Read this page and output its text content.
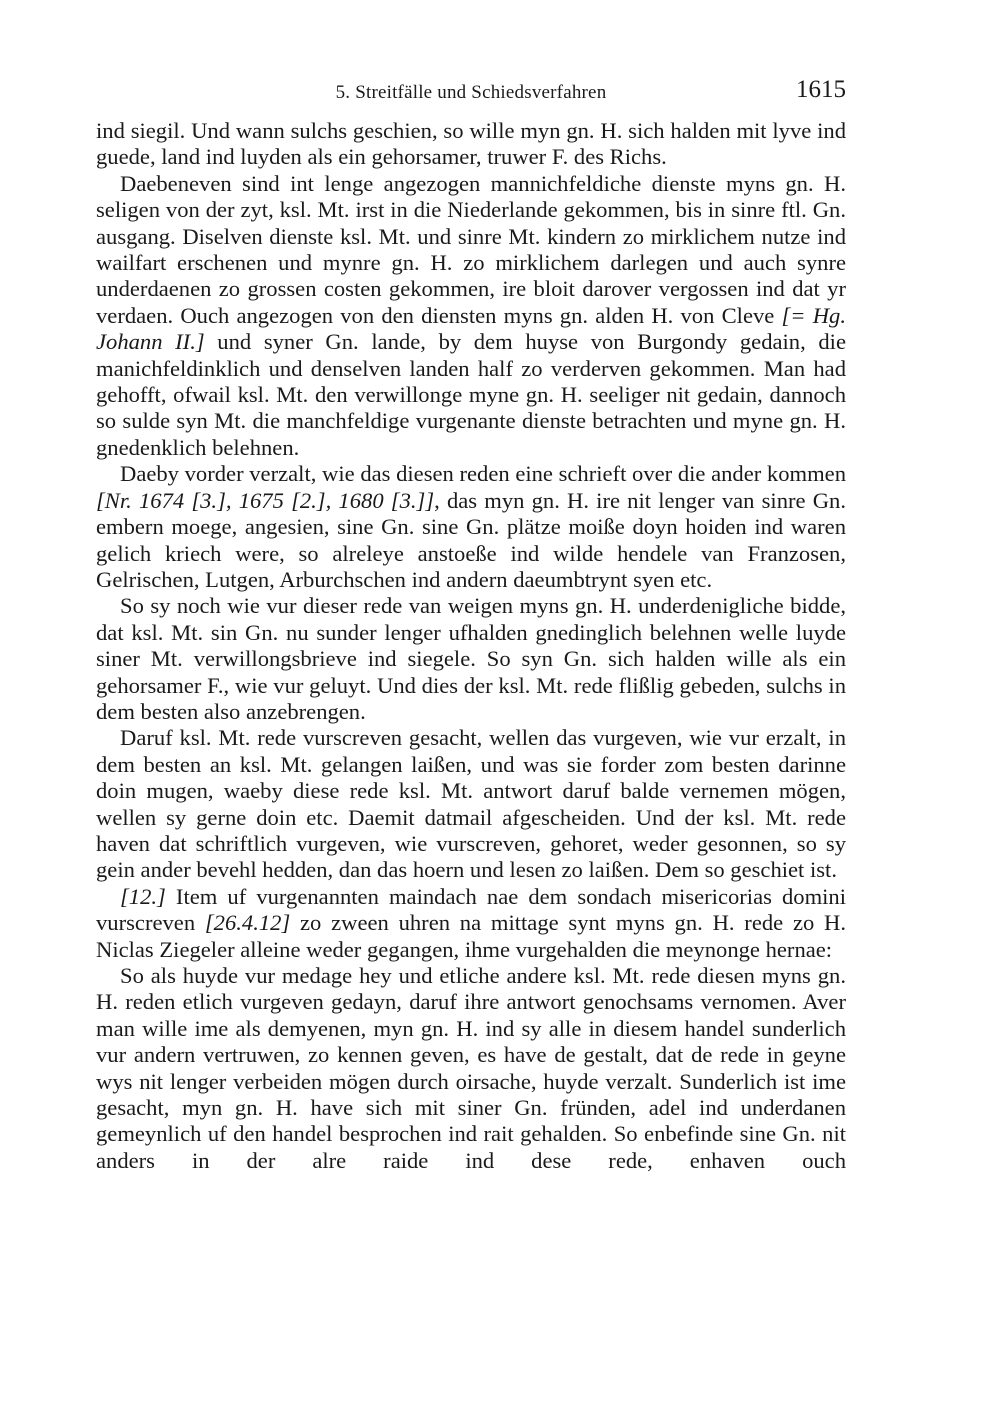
5. Streitfälle und Schiedsverfahren	1615

ind siegil. Und wann sulchs geschien, so wille myn gn. H. sich halden mit lyve ind guede, land ind luyden als ein gehorsamer, truwer F. des Richs.

Daebeneven sind int lenge angezogen mannichfeldiche dienste myns gn. H. seligen von der zyt, ksl. Mt. irst in die Niederlande gekommen, bis in sinre ftl. Gn. ausgang. Diselven dienste ksl. Mt. und sinre Mt. kindern zo mirklichem nutze ind wailfart erschenen und mynre gn. H. zo mirklichem darlegen und auch synre underdaenen zo grossen costen gekommen, ire bloit darover vergossen ind dat yr verdaen. Ouch angezogen von den diensten myns gn. alden H. von Cleve [= Hg. Johann II.] und syner Gn. lande, by dem huyse von Burgondy gedain, die manichfeldinklich und denselven landen half zo verderven gekommen. Man had gehofft, ofwail ksl. Mt. den verwillonge myne gn. H. seeliger nit gedain, dannoch so sulde syn Mt. die manchfeldige vurgenante dienste betrachten und myne gn. H. gnedenklich belehnen.

Daeby vorder verzalt, wie das diesen reden eine schrieft over die ander kommen [Nr. 1674 [3.], 1675 [2.], 1680 [3.]], das myn gn. H. ire nit lenger van sinre Gn. embern moege, angesien, sine Gn. sine Gn. plätze moiße doyn hoiden ind waren gelich kriech were, so alreleye anstoeße ind wilde hendele van Franzosen, Gelrischen, Lutgen, Arburchschen ind andern daeumbtrynt syen etc.

So sy noch wie vur dieser rede van weigen myns gn. H. underdenigliche bidde, dat ksl. Mt. sin Gn. nu sunder lenger ufhalden gnedinglich belehnen welle luyde siner Mt. verwillongsbrieve ind siegele. So syn Gn. sich halden wille als ein gehorsamer F., wie vur geluyt. Und dies der ksl. Mt. rede flißlig gebeden, sulchs in dem besten also anzebrengen.

Daruf ksl. Mt. rede vurscreven gesacht, wellen das vurgeven, wie vur erzalt, in dem besten an ksl. Mt. gelangen laißen, und was sie forder zom besten darinne doin mugen, waeby diese rede ksl. Mt. antwort daruf balde vernemen mögen, wellen sy gerne doin etc. Daemit datmail afgescheiden. Und der ksl. Mt. rede haven dat schriftlich vurgeven, wie vurscreven, gehoret, weder gesonnen, so sy gein ander bevehl hedden, dan das hoern und lesen zo laißen. Dem so geschiet ist.

[12.] Item uf vurgenannten maindach nae dem sondach misericorias domini vurscreven [26.4.12] zo zween uhren na mittage synt myns gn. H. rede zo H. Niclas Ziegeler alleine weder gegangen, ihme vurgehalden die meynonge hernae:

So als huyde vur medage hey und etliche andere ksl. Mt. rede diesen myns gn. H. reden etlich vurgeven gedayn, daruf ihre antwort genochsams vernomen. Aver man wille ime als demyenen, myn gn. H. ind sy alle in diesem handel sunderlich vur andern vertruwen, zo kennen geven, es have de gestalt, dat de rede in geyne wys nit lenger verbeiden mögen durch oirsache, huyde verzalt. Sunderlich ist ime gesacht, myn gn. H. have sich mit siner Gn. fründen, adel ind underdanen gemeynlich uf den handel besprochen ind rait gehalden. So enbefinde sine Gn. nit anders in der alre raide ind dese rede, enhaven ouch
